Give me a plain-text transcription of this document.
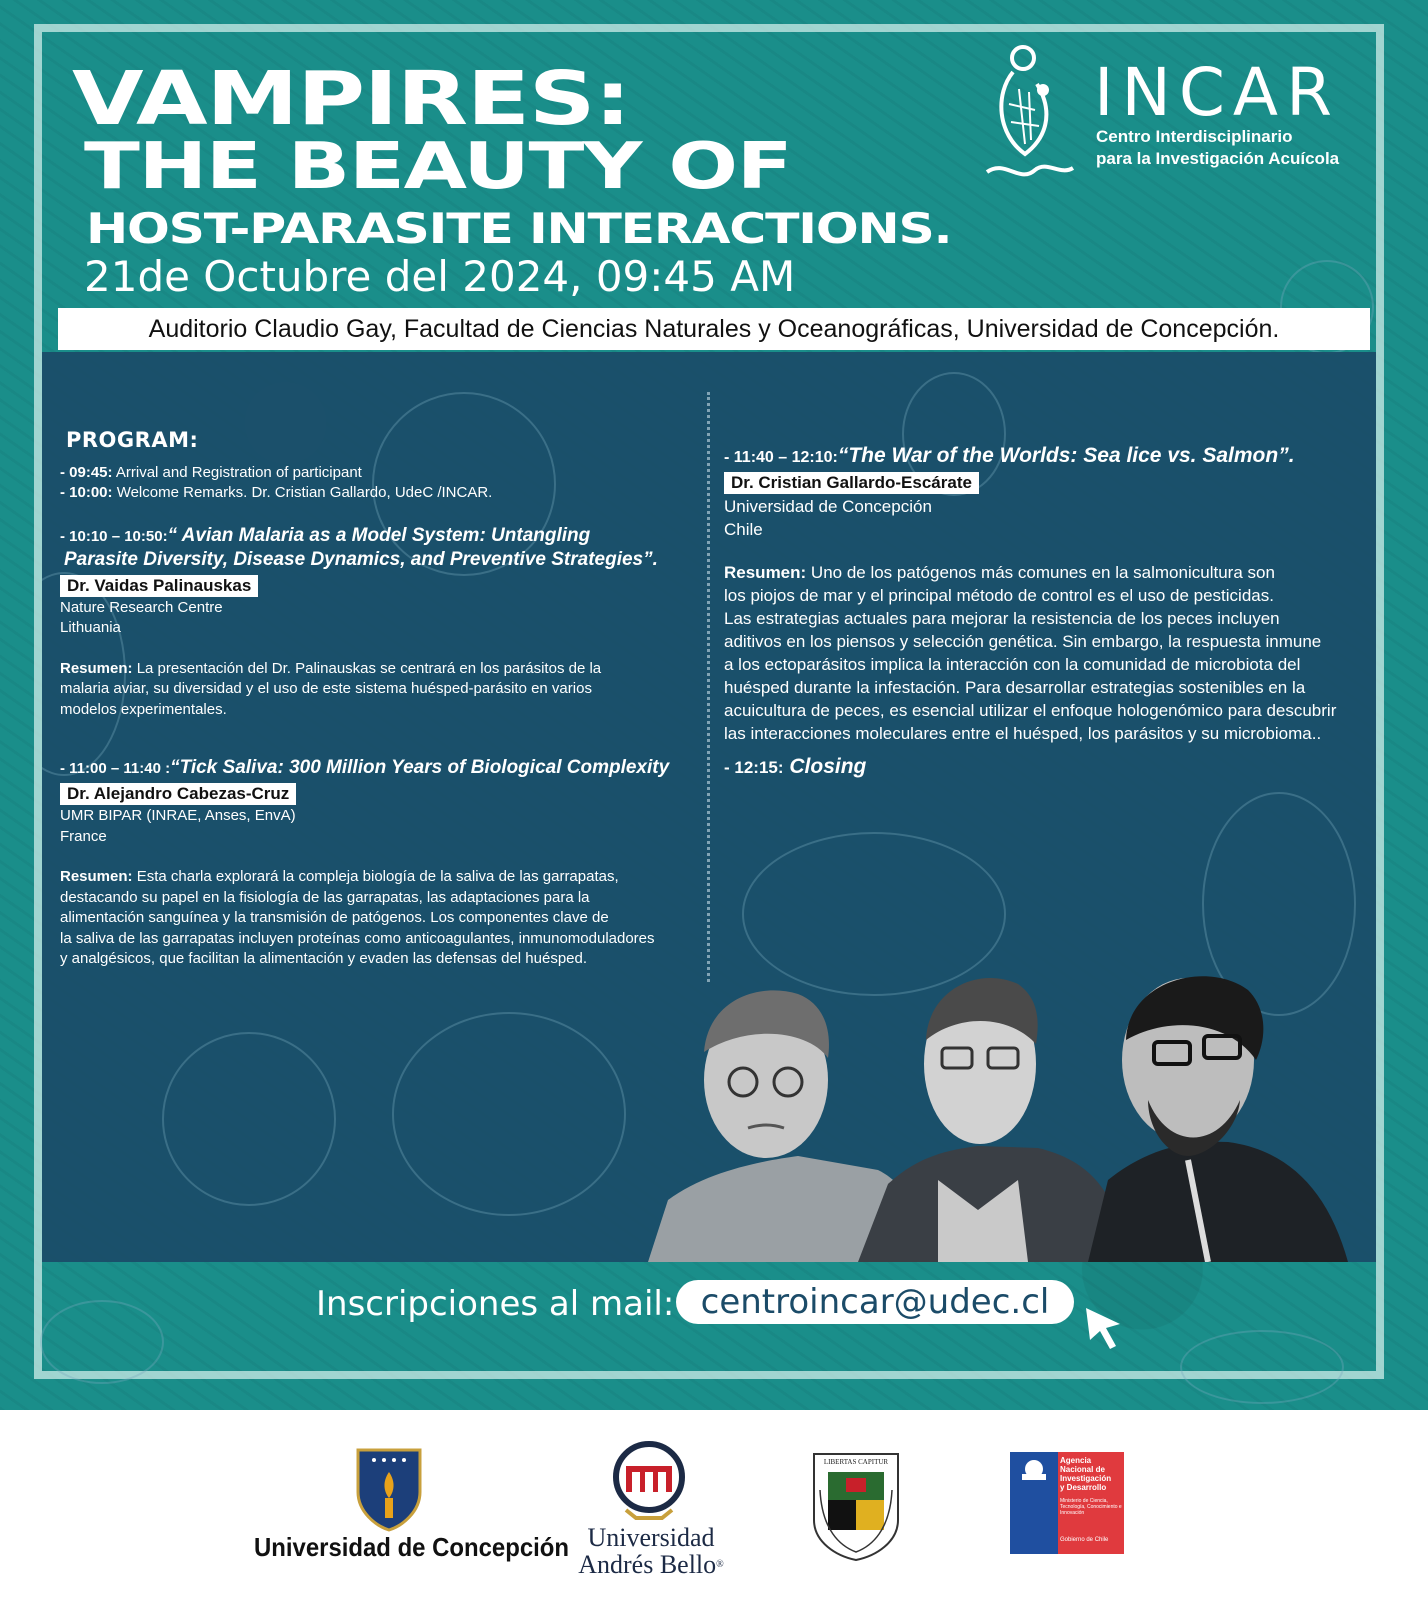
VAMPIRES:
THE BEAUTY OF
HOST-PARASITE INTERACTIONS.
21de Octubre del 2024, 09:45 AM
Auditorio Claudio Gay, Facultad de Ciencias Naturales y Oceanográficas, Universidad de Concepción.
INCAR
Centro Interdisciplinario
para la Investigación Acuícola
PROGRAM:
- 09:45: Arrival and Registration of participant
- 10:00: Welcome Remarks. Dr. Cristian Gallardo, UdeC /INCAR.
- 10:10 – 10:50:“ Avian Malaria as a Model System: Untangling
Parasite Diversity, Disease Dynamics, and Preventive Strategies”.
Dr. Vaidas Palinauskas
Nature Research Centre
Lithuania
Resumen: La presentación del Dr. Palinauskas se centrará en los parásitos de la
malaria aviar, su diversidad y el uso de este sistema huésped-parásito en varios
modelos experimentales.
- 11:00 – 11:40 :“Tick Saliva: 300 Million Years of Biological Complexity
Dr. Alejandro Cabezas-Cruz
UMR BIPAR (INRAE, Anses, EnvA)
France
Resumen: Esta charla explorará la compleja biología de la saliva de las garrapatas,
destacando su papel en la fisiología de las garrapatas, las adaptaciones para la
alimentación sanguínea y la transmisión de patógenos. Los componentes clave de
la saliva de las garrapatas incluyen proteínas como anticoagulantes, inmunomoduladores
y analgésicos, que facilitan la alimentación y evaden las defensas del huésped.
- 11:40 – 12:10:“The War of the Worlds: Sea lice vs. Salmon”.
Dr. Cristian Gallardo-Escárate
Universidad de Concepción
Chile
Resumen: Uno de los patógenos más comunes en la salmonicultura son
los piojos de mar y el principal método de control es el uso de pesticidas.
Las estrategias actuales para mejorar la resistencia de los peces incluyen
aditivos en los piensos y selección genética. Sin embargo, la respuesta inmune
a los ectoparásitos implica la interacción con la comunidad de microbiota del
huésped durante la infestación. Para desarrollar estrategias sostenibles en la
acuicultura de peces, es esencial utilizar el enfoque hologenómico para descubrir
las interacciones moleculares entre el huésped, los parásitos y su microbioma..
- 12:15: Closing
Inscripciones al mail: centroincar@udec.cl
Universidad de Concepción Universidad
Andrés Bello®
LIBERTAS CAPITUR	Agencia
Nacional de
Investigación
y Desarrollo
Ministerio de Ciencia, Tecnología, Conocimiento e Innovación
Gobierno de Chile
